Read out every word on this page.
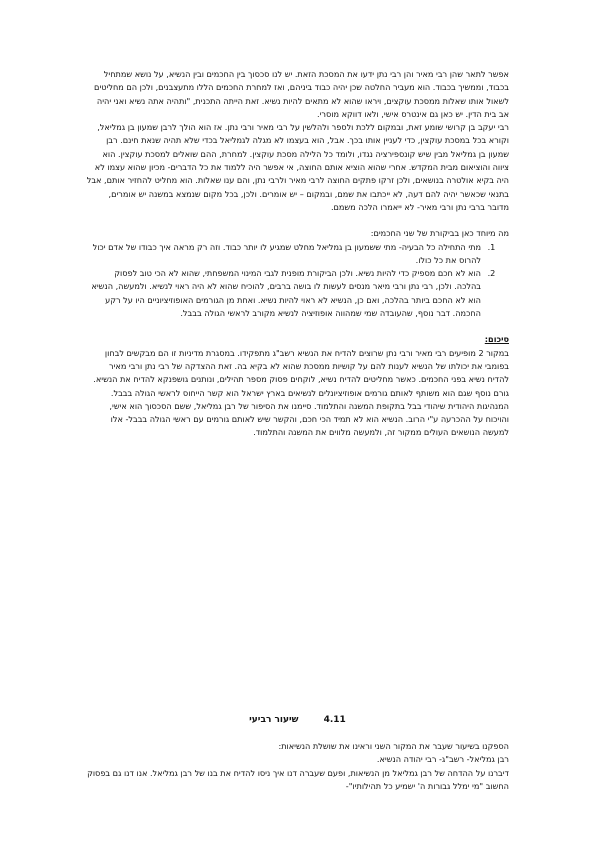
אפשר לתאר שהן רבי מאיר והן רבי נתן ידעו את המסכת הזאת. יש לנו סכסוך בין החכמים ובין הנשיא, על נושא שמתחיל בכבוד, וממשיך בכבוד. הוא מעביר החלטה שכן יהיה כבוד ביניהם, ואז למחרת החכמים הללו מתעצבנים, ולכן הם מחליטים לשאול אותו שאלות ממסכת עוקצים, ויראו שהוא לא מתאים להיות נשיא. זאת הייתה התכנית, "ותהיה אתה נשיא ואני יהיה אב בית הדין. יש כאן גם אינטרס אישי, ולאו דווקא מוסרי.

רבי יעקב בן קרושי שומע זאת, ובמקום ללכת ולספר ולהלשין על רבי מאיר ורבי נתן. אז הוא הולך לרבן שמעון בן גמליאל, וקורא בכל במסכת עוקצין, כדי לעניין אותו בכך. אבל, הוא בעצמו לא מגלה לגמליאל בכדי שלא תהיה שנאת חינם. רבן שמעון בן גמליאל מבין שיש קונספירציה נגדו, ולומד כל הלילה מסכת עוקצין. למחרת, ההם שואלים למסכת עוקצין. הוא ציווה והוציאום מבית המקדש. אחרי שהוא הוציא אותם החוצה, אי אפשר היה ללמוד את כל הדברים- מכיון שהוא עצמו לא היה בקיא אולטרה בנושאים, ולכן זרקו פתקים החוצה לרבי מאיר ולרבי נתן, והם ענו שאלות. הוא מחליט להחזיר אותם, אבל בתנאי שכאשר יהיה להם דעה, לא ייכתבו את שמם, ובמקום – יש אומרים. ולכן, בכל מקום שנמצא במשנה יש אומרים, מדובר ברבי נתן ורבי מאיר- לא ייאמרו הלכה משמם.

מה מיוחד כאן בביקורת של שני החכמים:

1. מתי התחילה כל הבעיה- מתי ששמעון בן גמליאל מחלט שמגיע לו יותר כבוד. וזה רק מראה איך כבודו של אדם יכול להרוס את כל כולו.
2. הוא לא חכם מספיק כדי להיות נשיא. ולכן הביקורת מופנית לגבי המינוי המשפחתי, שהוא לא הכי טוב לפסוק בהלכה. ולכן, רבי נתן ורבי מיאר מנסים לעשות לו בושה ברבים, להוכיח שהוא לא היה ראוי לנשיא. ולמעשה, הנשיא הוא לא החכם ביותר בהלכה, ואם כן, הנשיא לא ראוי להיות נשיא. ואחת מן הגורמים האופוזיציוניים היו על רקע החכמה. דבר נוסף, שהעובדה שמי שמהווה אופוזיציה לנשיא מקורב לראשי הגולה בבבל.

סיכום:

במקור 2 מופיעים רבי מאיר ורבי נתן שרוצים להדיח את הנשיא רשב"ג מתפקידו. במסגרת מדיניות זו הם מבקשים לבחון בפומבי את יכולתו של הנשיא לענות להם על קושיות ממסכת שהוא לא בקיא בה. זאת ההצדקה של רבי נתן ורבי מאיר להדיח נשיא בפני החכמים. כאשר מחליטים להדיח נשיא, לוקחים פסוק מספר תהילים, ונותנים גושפנקא להדיח את הנשיא. גורם נוסף שגם הוא משותף לאותם גורמים אופוזיציונלים לנשיאים בארץ ישראל הוא קשר הייחוס לראשי הגולה בבבל. המנהיגות היהודית שיהודי בבל בתקופת המשנה והתלמוד. סיימנו את הסיפור של רבן גמליאל, ששם הסכסוך הוא אישי, והויכוח על ההכרעה ע"י הרוב. הנשיא הוא לא תמיד הכי חכם, והקשר שיש לאותם גורמים עם ראשי הגולה בבבל- אלו למעשה הנושאים העולים ממקור זה, ולמעשה מלווים את המשנה והתלמוד.

4.11 שיעור רביעי

הספקנו בשיעור שעבר את המקור השני וראינו את שושלת הנשיאות:

רבן גמליאל- רשב"ג- רבי יהודה הנשיא.

דיברנו על ההדחה של רבן גמליאל מן הנשיאות, ופעם שעברה דנו איך ניסו להדיח את בנו של רבן גמליאל. אנו דנו גם בפסוק החשוב "מי ימלל גבורות ה' ישמיע כל תהילותיו"-
